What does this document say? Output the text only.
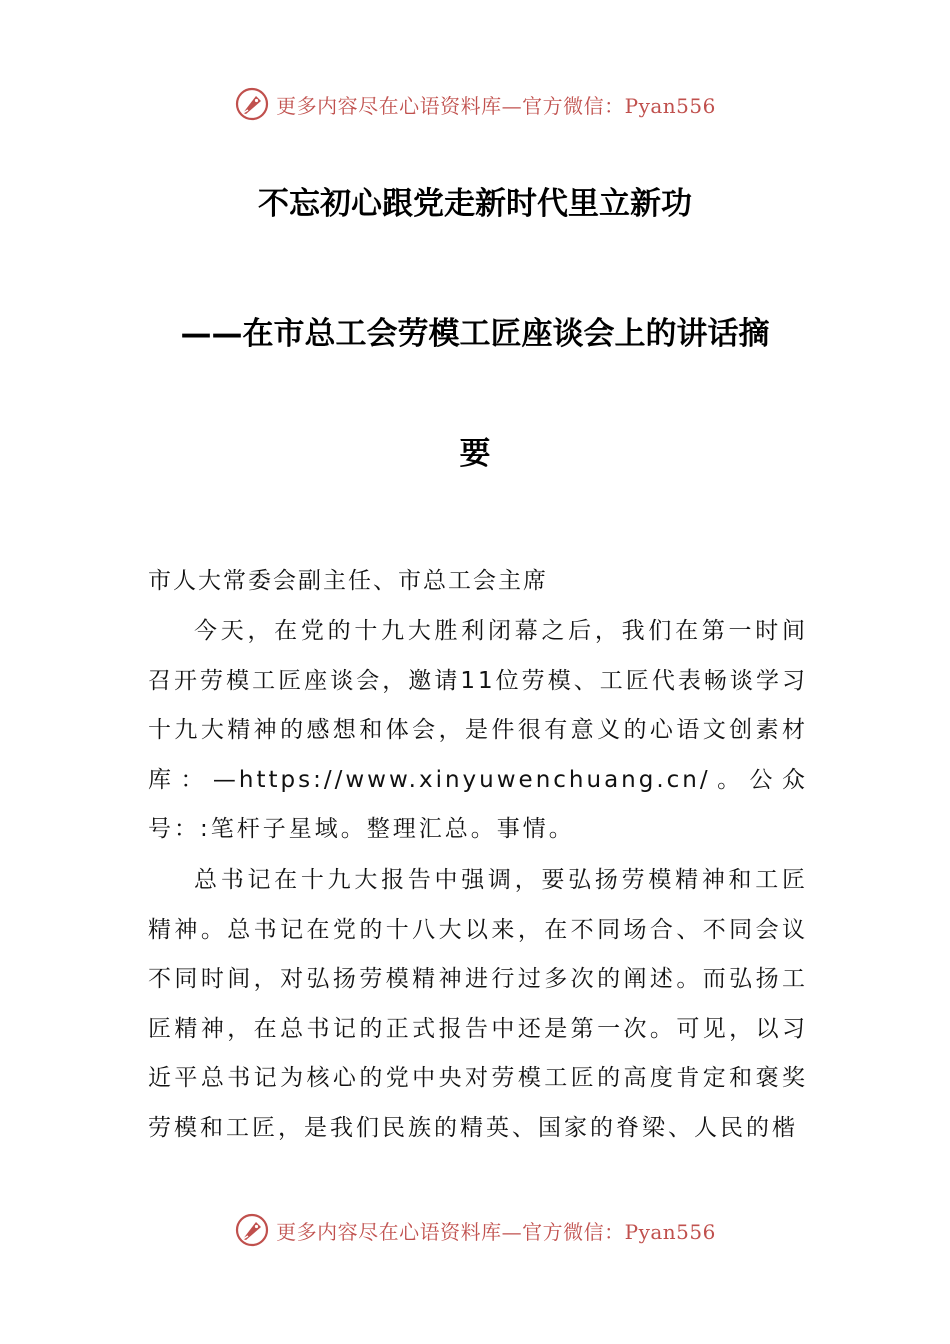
更多内容尽在心语资料库—官方微信：Pyan556
不忘初心跟党走新时代里立新功
——在市总工会劳模工匠座谈会上的讲话摘
要
市人大常委会副主任、市总工会主席

今天，在党的十九大胜利闭幕之后，我们在第一时间召开劳模工匠座谈会，邀请11位劳模、工匠代表畅谈学习十九大精神的感想和体会，是件很有意义的心语文创素材库：—https://www.xinyuwenchuang.cn/。公众号：:笔杆子星域。整理汇总。事情。

总书记在十九大报告中强调，要弘扬劳模精神和工匠精神。总书记在党的十八大以来，在不同场合、不同会议不同时间，对弘扬劳模精神进行过多次的阐述。而弘扬工匠精神，在总书记的正式报告中还是第一次。可见，以习近平总书记为核心的党中央对劳模工匠的高度肯定和褒奖劳模和工匠，是我们民族的精英、国家的脊梁、人民的楷

更多内容尽在心语资料库—官方微信：Pyan556
